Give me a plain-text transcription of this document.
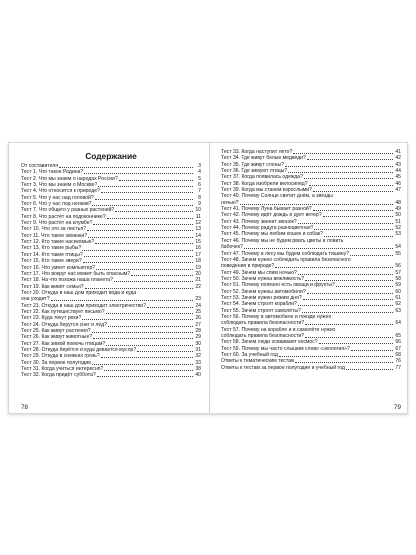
Содержание
От составителя	3
Тест 1. Что такое Родина?	4
Тест 2. Что мы знаем о народах России?	5
Тест 3. Что мы знаем о Москве?	6
Тест 4. Что относится к природе?	7
Тест 5. Что у нас над головой?	8
Тест 6. Что у нас под ногами?	9
Тест 7. Что общего у разных растений?	10
Тест 8. Что растёт на подоконнике?	11
Тест 9. Что растёт на клумбе?	12
Тест 10. Что это за листья?	13
Тест 11. Что такое хвоинки?	14
Тест 12. Кто такие насекомые?	15
Тест 13. Кто такие рыбы?	16
Тест 14. Кто такие птицы?	17
Тест 15. Кто такие звери?	18
Тест 16. Что умеет компьютер?	19
Тест 17. Что вокруг нас может быть опасным?	20
Тест 18. На что похожа наша планета?	21
Тест 19. Как живёт семья?	22
Тест 20. Откуда в наш дом приходит вода и куда
она уходит?	23
Тест 21. Откуда в наш дом приходит электричество?	24
Тест 22. Как путешествует письмо?	25
Тест 23. Куда текут реки?	26
Тест 24. Откуда берутся снег и лёд?	27
Тест 25. Как живут растения?	28
Тест 26. Как живут животные?	29
Тест 27. Как зимой помочь птицам?	30
Тест 28. Откуда берётся и куда девается мусор?	31
Тест 29. Откуда в снежках грязь?	32
Тест 30. За первое полугодие	33
Тест 31. Когда учиться интересно?	38
Тест 32. Когда придёт суббота?	40
78
Тест 33. Когда наступит лето?	41
Тест 34. Где живут белые медведи?	42
Тест 35. Где живут слоны?	43
Тест 36. Где зимуют птицы?	44
Тест 37. Когда появилась одежда?	45
Тест 38. Когда изобрели велосипед?	46
Тест 39. Когда мы станем взрослыми?	47
Тест 40. Почему Солнце светит днём, а звёзды
ночью?	48
Тест 41. Почему Луна бывает разной?	49
Тест 42. Почему идёт дождь и дует ветер?	50
Тест 43. Почему звенит звонок?	51
Тест 44. Почему радуга разноцветная?	52
Тест 45. Почему мы любим кошек и собак?	53
Тест 46. Почему мы не будем рвать цветы и ловить
бабочек?	54
Тест 47. Почему в лесу мы будем соблюдать тишину?	55
Тест 48. Зачем нужно соблюдать правила безопасного
поведения в природе?	56
Тест 49. Зачем мы спим ночью?	57
Тест 50. Зачем нужна вежливость?	58
Тест 51. Почему полезно есть овощи и фрукты?	59
Тест 52. Зачем нужны автомобили?	60
Тест 53. Зачем нужен режим дня?	61
Тест 54. Зачем строят корабли?	62
Тест 55. Зачем строят самолёты?	63
Тест 56. Почему в автомобиле и поезде нужно
соблюдать правила безопасности?	64
Тест 57. Почему на корабле и в самолёте нужно
соблюдать правила безопасности?	65
Тест 58. Зачем люди осваивают космос?	66
Тест 59. Почему мы часто слышим слово «экология»?	67
Тест 60. За учебный год	68
Ответы к тематическим тестам	76
Ответы к тестам за первое полугодие и учебный год	77
79
